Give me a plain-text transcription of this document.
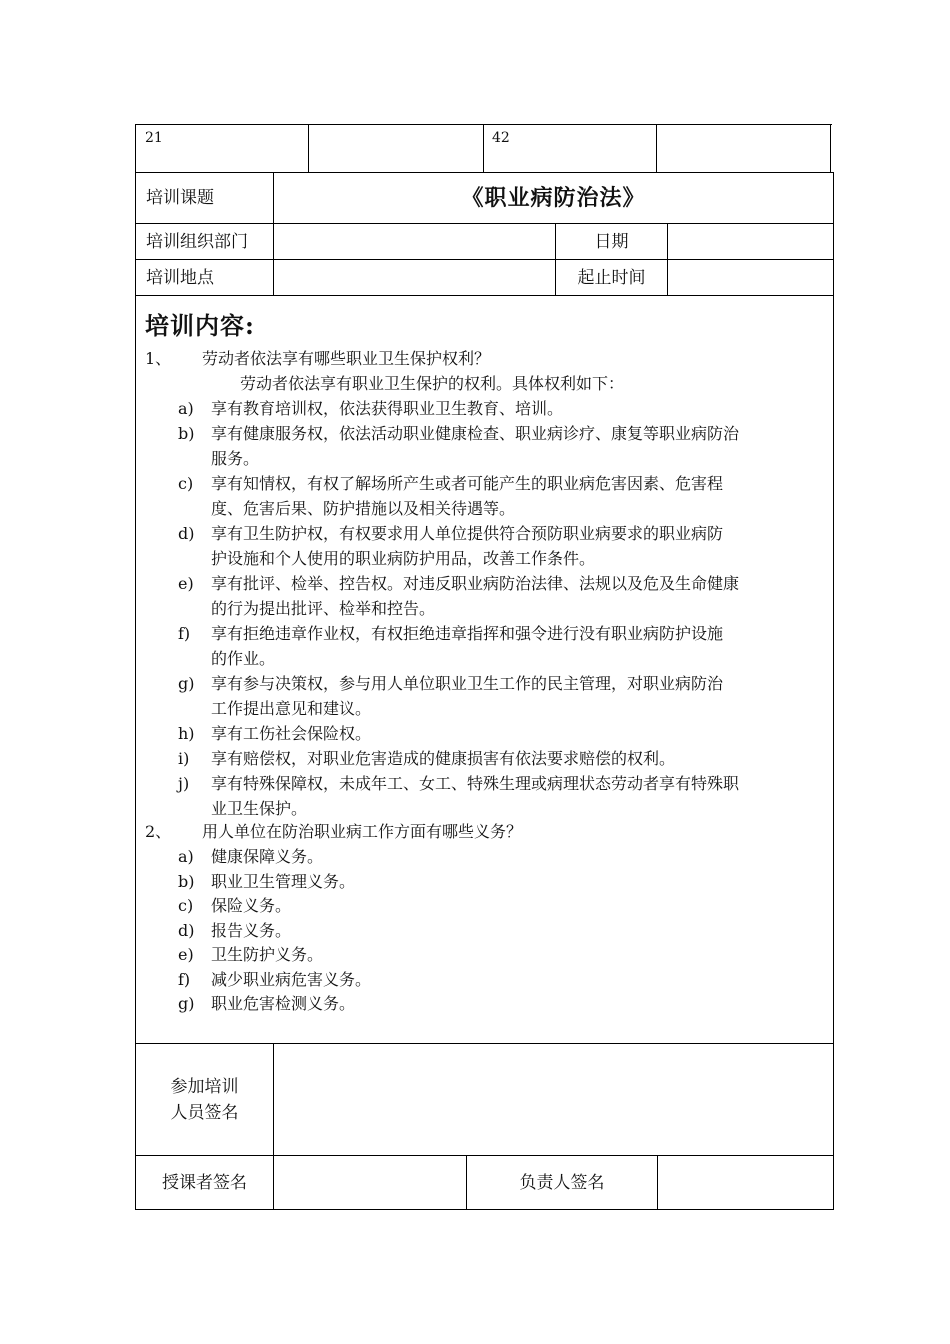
21	42
培训课题	《职业病防治法》
培训组织部门	日期
培训地点	起止时间
培训内容:
1、 劳动者依法享有哪些职业卫生保护权利？
劳动者依法享有职业卫生保护的权利。具体权利如下：
a) 享有教育培训权，依法获得职业卫生教育、培训。
b) 享有健康服务权，依法活动职业健康检查、职业病诊疗、康复等职业病防治
服务。
c) 享有知情权，有权了解场所产生或者可能产生的职业病危害因素、危害程
度、危害后果、防护措施以及相关待遇等。
d) 享有卫生防护权，有权要求用人单位提供符合预防职业病要求的职业病防
护设施和个人使用的职业病防护用品，改善工作条件。
e) 享有批评、检举、控告权。对违反职业病防治法律、法规以及危及生命健康
的行为提出批评、检举和控告。
f) 享有拒绝违章作业权，有权拒绝违章指挥和强令进行没有职业病防护设施
的作业。
g) 享有参与决策权，参与用人单位职业卫生工作的民主管理，对职业病防治
工作提出意见和建议。
h) 享有工伤社会保险权。
i) 享有赔偿权，对职业危害造成的健康损害有依法要求赔偿的权利。
j) 享有特殊保障权，未成年工、女工、特殊生理或病理状态劳动者享有特殊职
业卫生保护。
2、 用人单位在防治职业病工作方面有哪些义务？
a) 健康保障义务。
b) 职业卫生管理义务。
c) 保险义务。
d) 报告义务。
e) 卫生防护义务。
f) 减少职业病危害义务。
g) 职业危害检测义务。
参加培训
人员签名
授课者签名	负责人签名
